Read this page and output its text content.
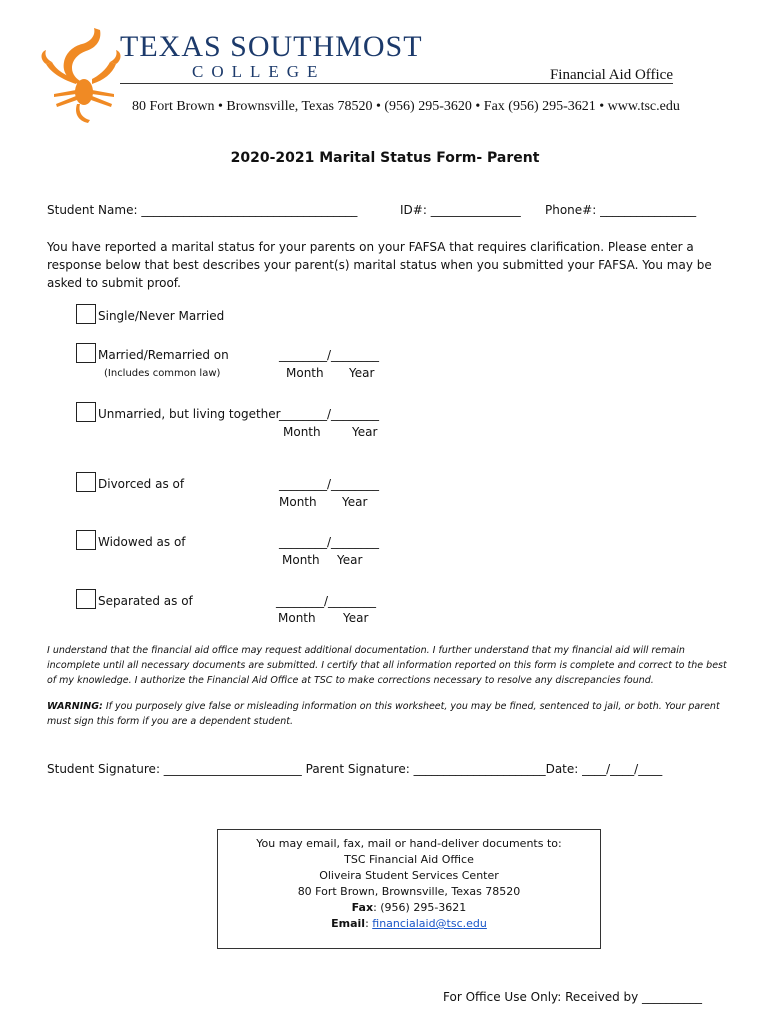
TEXAS SOUTHMOST
COLLEGE	Financial Aid Office
80 Fort Brown • Brownsville, Texas 78520 • (956) 295-3620 • Fax (956) 295-3621 • www.tsc.edu
2020-2021 Marital Status Form- Parent
Student Name: ____________________________________	ID#: _______________ Phone#: ________________
You have reported a marital status for your parents on your FAFSA that requires clarification. Please enter a response below that best describes your parent(s) marital status when you submitted your FAFSA. You may be asked to submit proof.
Single/Never Married
Married/Remarried on
(Includes common law)
________/________
Month Year
Unmarried, but living together
________/________
Month	Year
Divorced as of	________/________
Month Year
Widowed as of	________/________
Month Year
Separated as of	________/________
Month Year
I understand that the financial aid office may request additional documentation. I further understand that my financial aid will remain incomplete until all necessary documents are submitted. I certify that all information reported on this form is complete and correct to the best of my knowledge. I authorize the Financial Aid Office at TSC to make corrections necessary to resolve any discrepancies found.
WARNING: If you purposely give false or misleading information on this worksheet, you may be fined, sentenced to jail, or both. Your parent must sign this form if you are a dependent student.
Student Signature: _______________________ Parent Signature: ______________________Date: ____/____/____
You may email, fax, mail or hand-deliver documents to:
TSC Financial Aid Office
Oliveira Student Services Center
80 Fort Brown, Brownsville, Texas 78520
Fax: (956) 295-3621
Email: financialaid@tsc.edu
For Office Use Only: Received by __________
